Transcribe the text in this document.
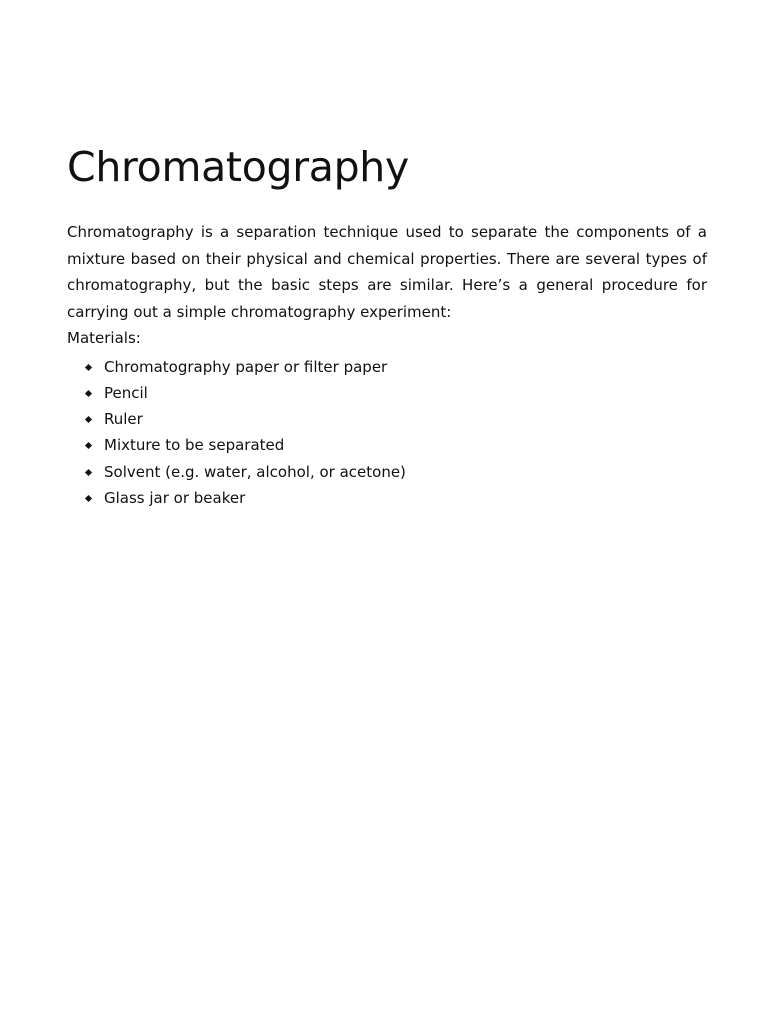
Chromatography

Chromatography is a separation technique used to separate the components of a mixture based on their physical and chemical properties. There are several types of chromatography, but the basic steps are similar. Here’s a general procedure for carrying out a simple chromatography experiment:

Materials:

Chromatography paper or filter paper
Pencil
Ruler
Mixture to be separated
Solvent (e.g. water, alcohol, or acetone)
Glass jar or beaker
